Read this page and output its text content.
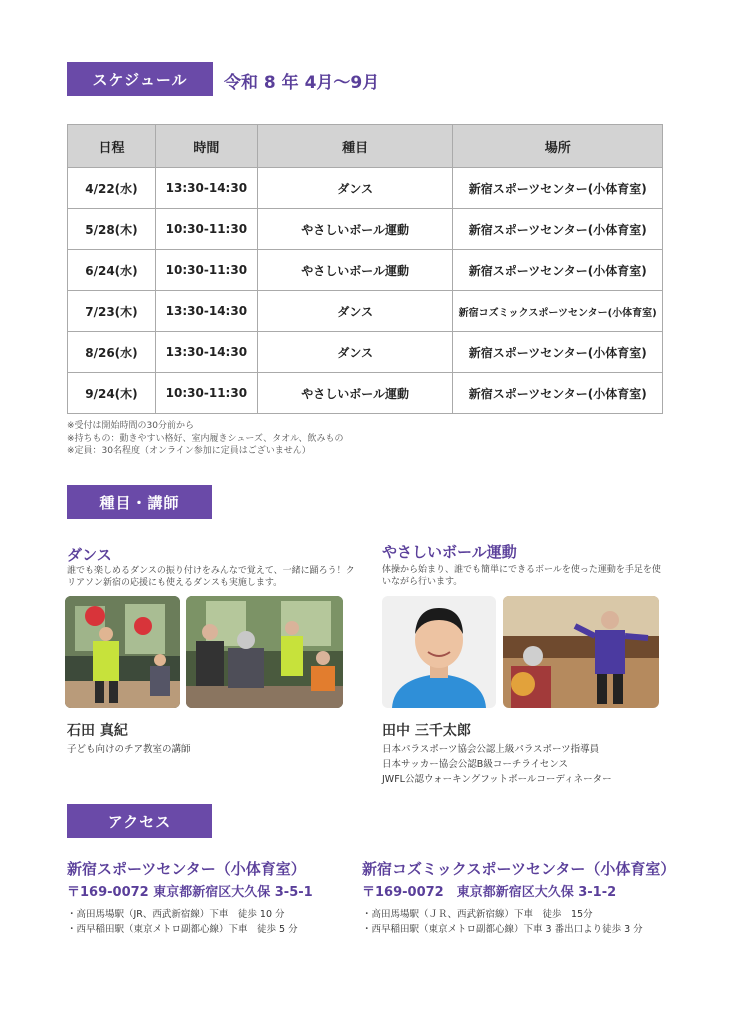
スケジュール	令和 8 年 4月～9月
日程	時間	種目	場所
4/22(水)	13:30-14:30	ダンス	新宿スポーツセンター(小体育室)
5/28(木)	10:30-11:30	やさしいボール運動	新宿スポーツセンター(小体育室)
6/24(水)	10:30-11:30	やさしいボール運動	新宿スポーツセンター(小体育室)
7/23(木)	13:30-14:30	ダンス	新宿コズミックスポーツセンター(小体育室)
8/26(水)	13:30-14:30	ダンス	新宿スポーツセンター(小体育室)
9/24(木)	10:30-11:30	やさしいボール運動	新宿スポーツセンター(小体育室)
※受付は開始時間の30分前から
※持ちもの：動きやすい格好、室内履きシューズ、タオル、飲みもの
※定員：30名程度（オンライン参加に定員はございません）
種目・講師
ダンス
誰でも楽しめるダンスの振り付けをみんなで覚えて、一緒に踊ろう！クリアソン新宿の応援にも使えるダンスも実施します。
石田 真紀
子ども向けのチア教室の講師
やさしいボール運動
体操から始まり、誰でも簡単にできるボールを使った運動を手足を使いながら行います。
田中 三千太郎
日本パラスポーツ協会公認上級パラスポーツ指導員
日本サッカー協会公認B級コーチライセンス
JWFL公認ウォーキングフットボールコーディネーター
アクセス
新宿スポーツセンター（小体育室）
〒169-0072 東京都新宿区大久保 3-5-1
・高田馬場駅（JR、西武新宿線）下車　徒歩 10 分
・西早稲田駅（東京メトロ副都心線）下車　徒歩 5 分
新宿コズミックスポーツセンター（小体育室）
〒169-0072　東京都新宿区大久保 3-1-2
・高田馬場駅（ＪＲ、西武新宿線）下車　徒歩　15分
・西早稲田駅（東京メトロ副都心線）下車 3 番出口より徒歩 3 分
